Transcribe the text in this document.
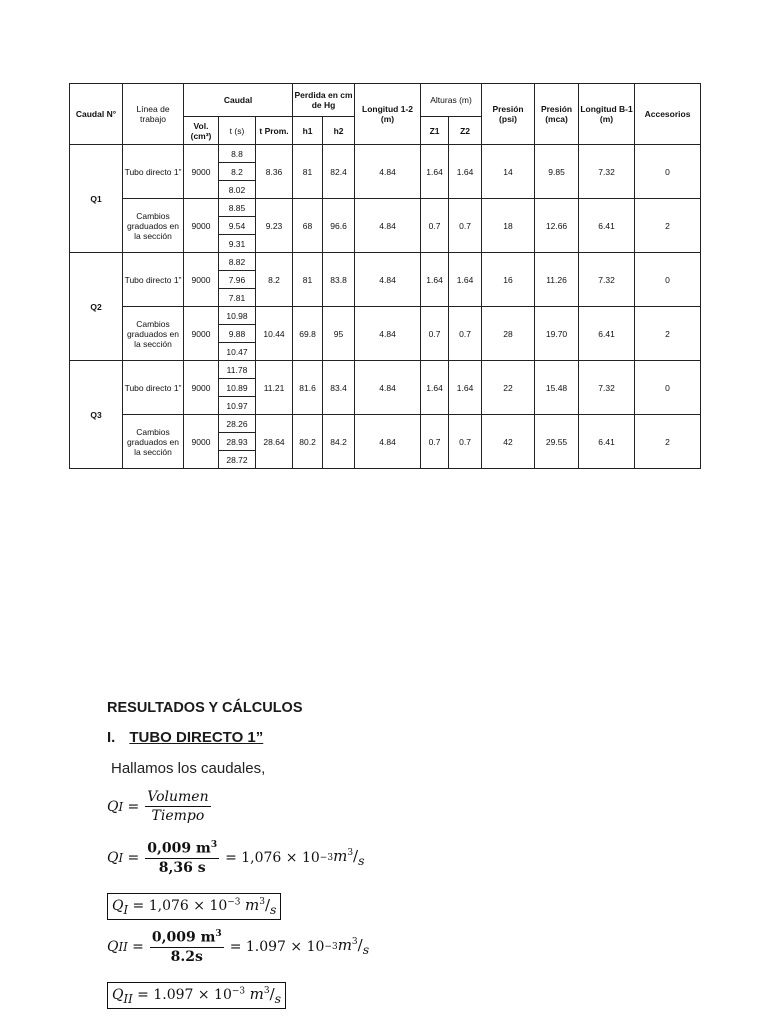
Caudal N°	Línea de trabajo	Caudal			Perdida en cm de Hg		Longitud 1-2 (m)	Alturas (m)		Presión (psi)	Presión (mca)	Longitud B-1 (m)	Accesorios
		Vol. (cm³)	t (s)	t Prom.	h1	h2		Z1	Z2				
Q1	Tubo directo 1”	9000	8.8	8.36	81	82.4	4.84	1.64	1.64	14	9.85	7.32	0
			8.2										
			8.02										
	Cambios graduados en la sección	9000	8.85	9.23	68	96.6	4.84	0.7	0.7	18	12.66	6.41	2
			9.54										
			9.31										
Q2	Tubo directo 1”	9000	8.82	8.2	81	83.8	4.84	1.64	1.64	16	11.26	7.32	0
			7.96										
			7.81										
	Cambios graduados en la sección	9000	10.98	10.44	69.8	95	4.84	0.7	0.7	28	19.70	6.41	2
			9.88										
			10.47										
Q3	Tubo directo 1”	9000	11.78	11.21	81.6	83.4	4.84	1.64	1.64	22	15.48	7.32	0
			10.89										
			10.97										
	Cambios graduados en la sección	9000	28.26	28.64	80.2	84.2	4.84	0.7	0.7	42	29.55	6.41	2
			28.93										
			28.72										
RESULTADOS Y CÁLCULOS
I. TUBO DIRECTO 1”
Hallamos los caudales,
Q $I = \frac{\text{Volumen}}{\text{Tiempo}}$
Q $I = \frac{0,009 m^3}{8,36 s} = 1,076 \times 10 -3$ $m^3/_s$
$Q_I = 1,076 \times 10^{-3}$ $m^3/_s$
Q II = $\frac{0,009 m^3}{8.2s} = 1.097 \times 10 -3$ $m^3/_s$
$Q_{II} = 1.097 \times 10^{-3}$ $m^3/_s$
